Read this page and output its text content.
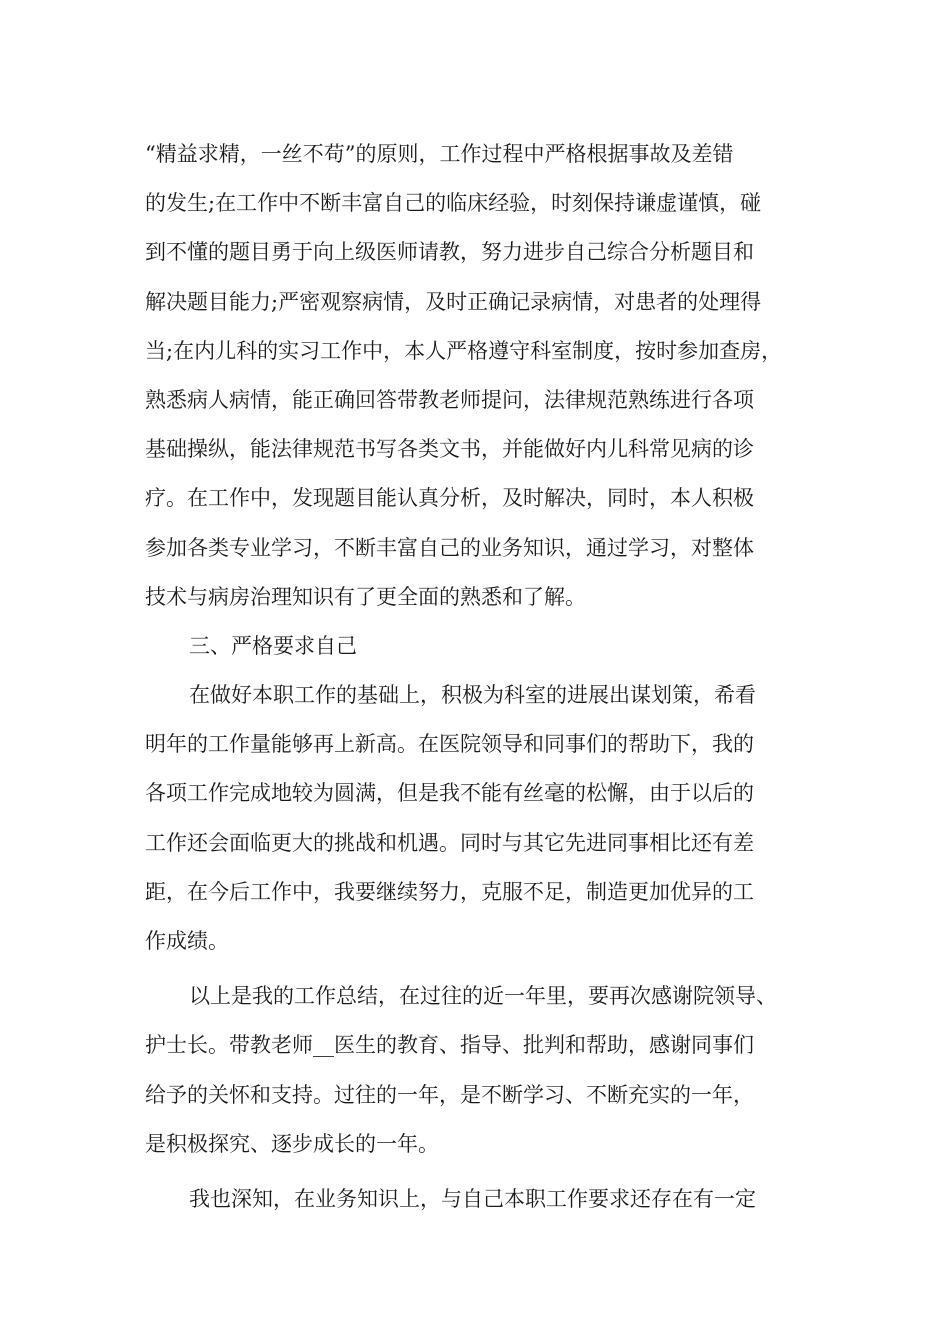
“精益求精，一丝不苟”的原则，工作过程中严格根据事故及差错
的发生;在工作中不断丰富自己的临床经验，时刻保持谦虚谨慎，碰
到不懂的题目勇于向上级医师请教，努力进步自己综合分析题目和
解决题目能力;严密观察病情，及时正确记录病情，对患者的处理得
当;在内儿科的实习工作中，本人严格遵守科室制度，按时参加查房，
熟悉病人病情，能正确回答带教老师提问，法律规范熟练进行各项
基础操纵，能法律规范书写各类文书，并能做好内儿科常见病的诊
疗。在工作中，发现题目能认真分析，及时解决，同时，本人积极
参加各类专业学习，不断丰富自己的业务知识，通过学习，对整体
技术与病房治理知识有了更全面的熟悉和了解。
三、严格要求自己
在做好本职工作的基础上，积极为科室的进展出谋划策，希看
明年的工作量能够再上新高。在医院领导和同事们的帮助下，我的
各项工作完成地较为圆满，但是我不能有丝毫的松懈，由于以后的
工作还会面临更大的挑战和机遇。同时与其它先进同事相比还有差
距，在今后工作中，我要继续努力，克服不足，制造更加优异的工
作成绩。
以上是我的工作总结，在过往的近一年里，要再次感谢院领导、
护士长。带教老师__医生的教育、指导、批判和帮助，感谢同事们
给予的关怀和支持。过往的一年，是不断学习、不断充实的一年，
是积极探究、逐步成长的一年。
我也深知，在业务知识上，与自己本职工作要求还存在有一定
